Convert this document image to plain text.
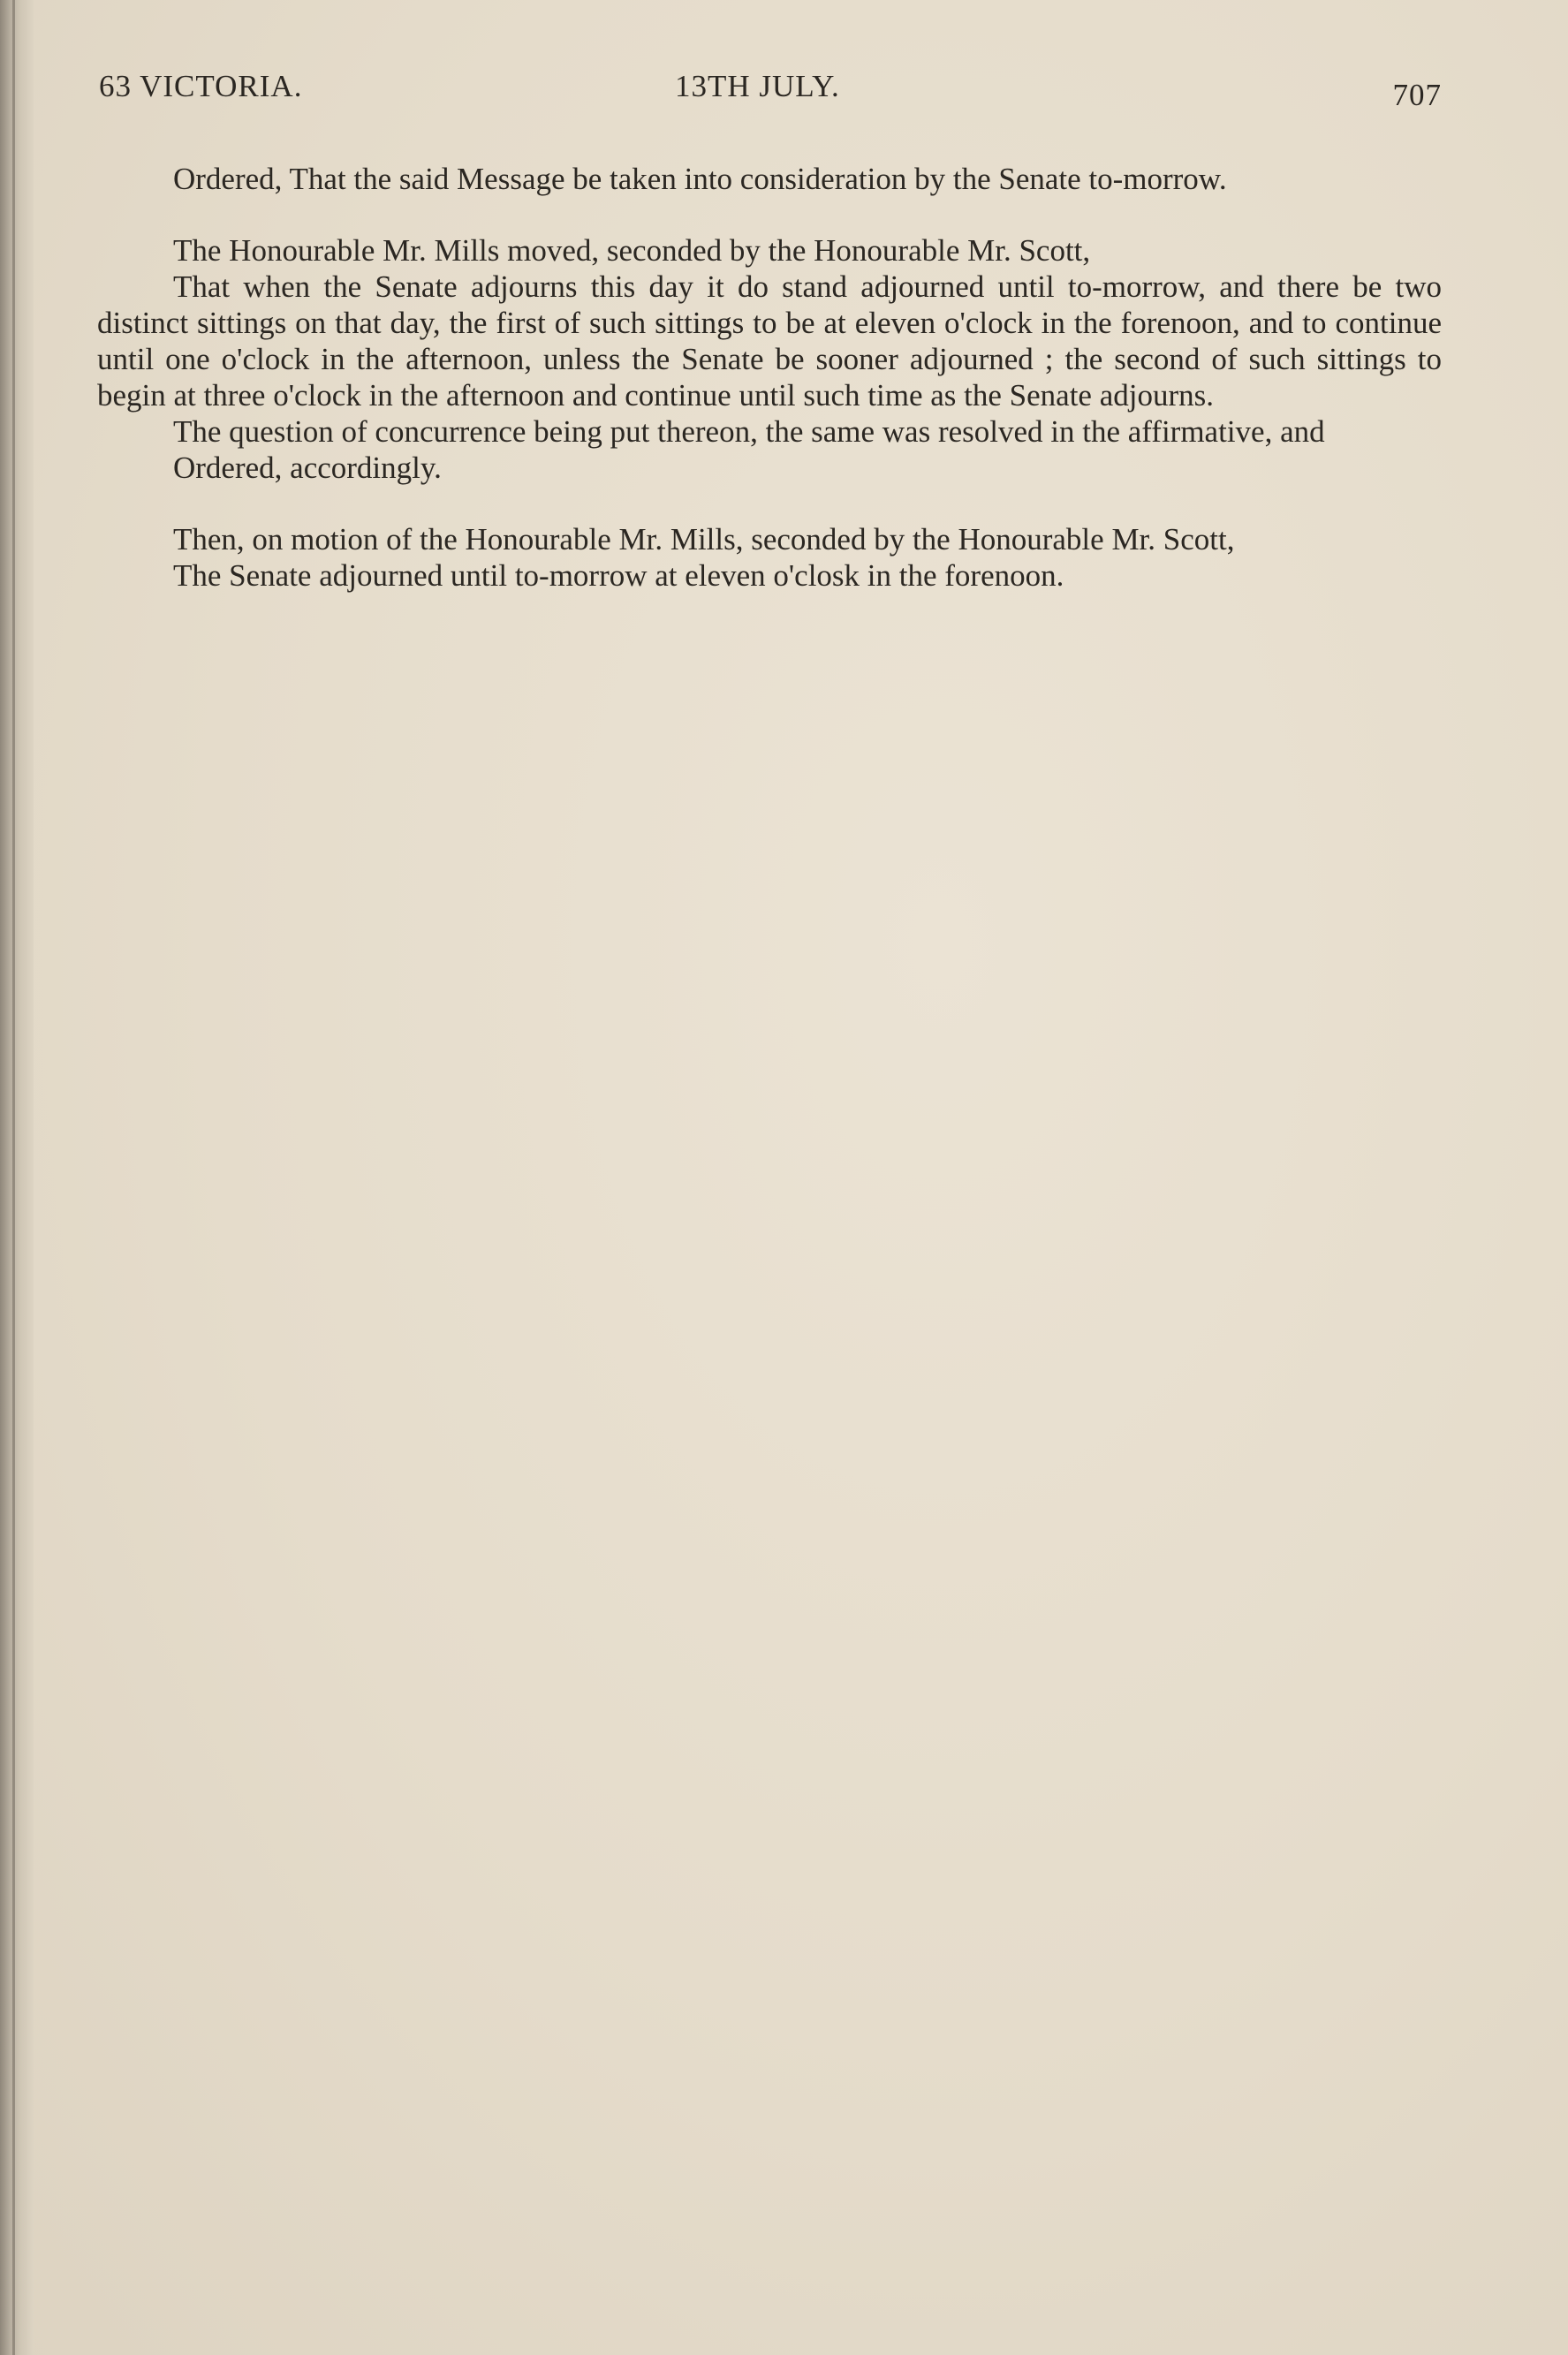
63 VICTORIA.	13TH JULY.	707

Ordered, That the said Message be taken into consideration by the Senate to-morrow.

The Honourable Mr. Mills moved, seconded by the Honourable Mr. Scott,

That when the Senate adjourns this day it do stand adjourned until to-morrow, and there be two distinct sittings on that day, the first of such sittings to be at eleven o'clock in the forenoon, and to continue until one o'clock in the afternoon, unless the Senate be sooner adjourned ; the second of such sittings to begin at three o'clock in the afternoon and continue until such time as the Senate adjourns.

The question of concurrence being put thereon, the same was resolved in the affirmative, and

Ordered, accordingly.

Then, on motion of the Honourable Mr. Mills, seconded by the Honourable Mr. Scott,

The Senate adjourned until to-morrow at eleven o'closk in the forenoon.
